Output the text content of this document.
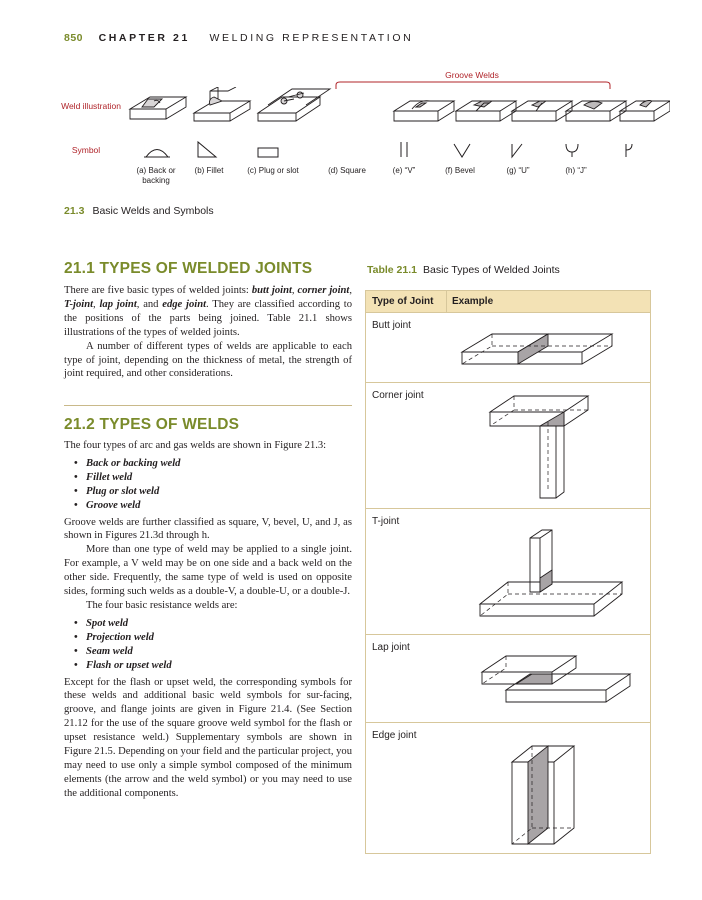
850 CHAPTER 21 WELDING REPRESENTATION
Groove Welds
Weld illustration
Symbol
(a) Back or backing
(b) Fillet	(c) Plug or slot	(d) Square	(e) “V”	(f) Bevel	(g) “U”	(h) “J”
21.3 Basic Welds and Symbols
21.1 TYPES OF WELDED JOINTS
There are five basic types of welded joints: butt joint, corner joint, T-joint, lap joint, and edge joint. They are classified according to the positions of the parts being joined. Table 21.1 shows illustrations of the types of welded joints.
A number of different types of welds are applicable to each type of joint, depending on the thickness of metal, the strength of joint required, and other considerations.
21.2 TYPES OF WELDS
The four types of arc and gas welds are shown in Figure 21.3:
• Back or backing weld
• Fillet weld
• Plug or slot weld
• Groove weld
Groove welds are further classified as square, V, bevel, U, and J, as shown in Figures 21.3d through h.
More than one type of weld may be applied to a single joint. For example, a V weld may be on one side and a back weld on the other side. Frequently, the same type of weld is used on opposite sides, forming such welds as a double-V, a double-U, or a double-J.
The four basic resistance welds are:
• Spot weld
• Projection weld
• Seam weld
• Flash or upset weld
Except for the flash or upset weld, the corresponding symbols for these welds and additional basic weld symbols for sur-facing, groove, and flange joints are given in Figure 21.4. (See Section 21.12 for the use of the square groove weld symbol for the flash or upset resistance weld.) Supplementary symbols are shown in Figure 21.5. Depending on your field and the particular project, you may need to use only a simple symbol composed of the minimum elements (the arrow and the weld symbol) or you may need to use the additional components.
Table 21.1 Basic Types of Welded Joints
Type of Joint Example
Butt joint
Corner joint
T-joint
Lap joint
Edge joint
